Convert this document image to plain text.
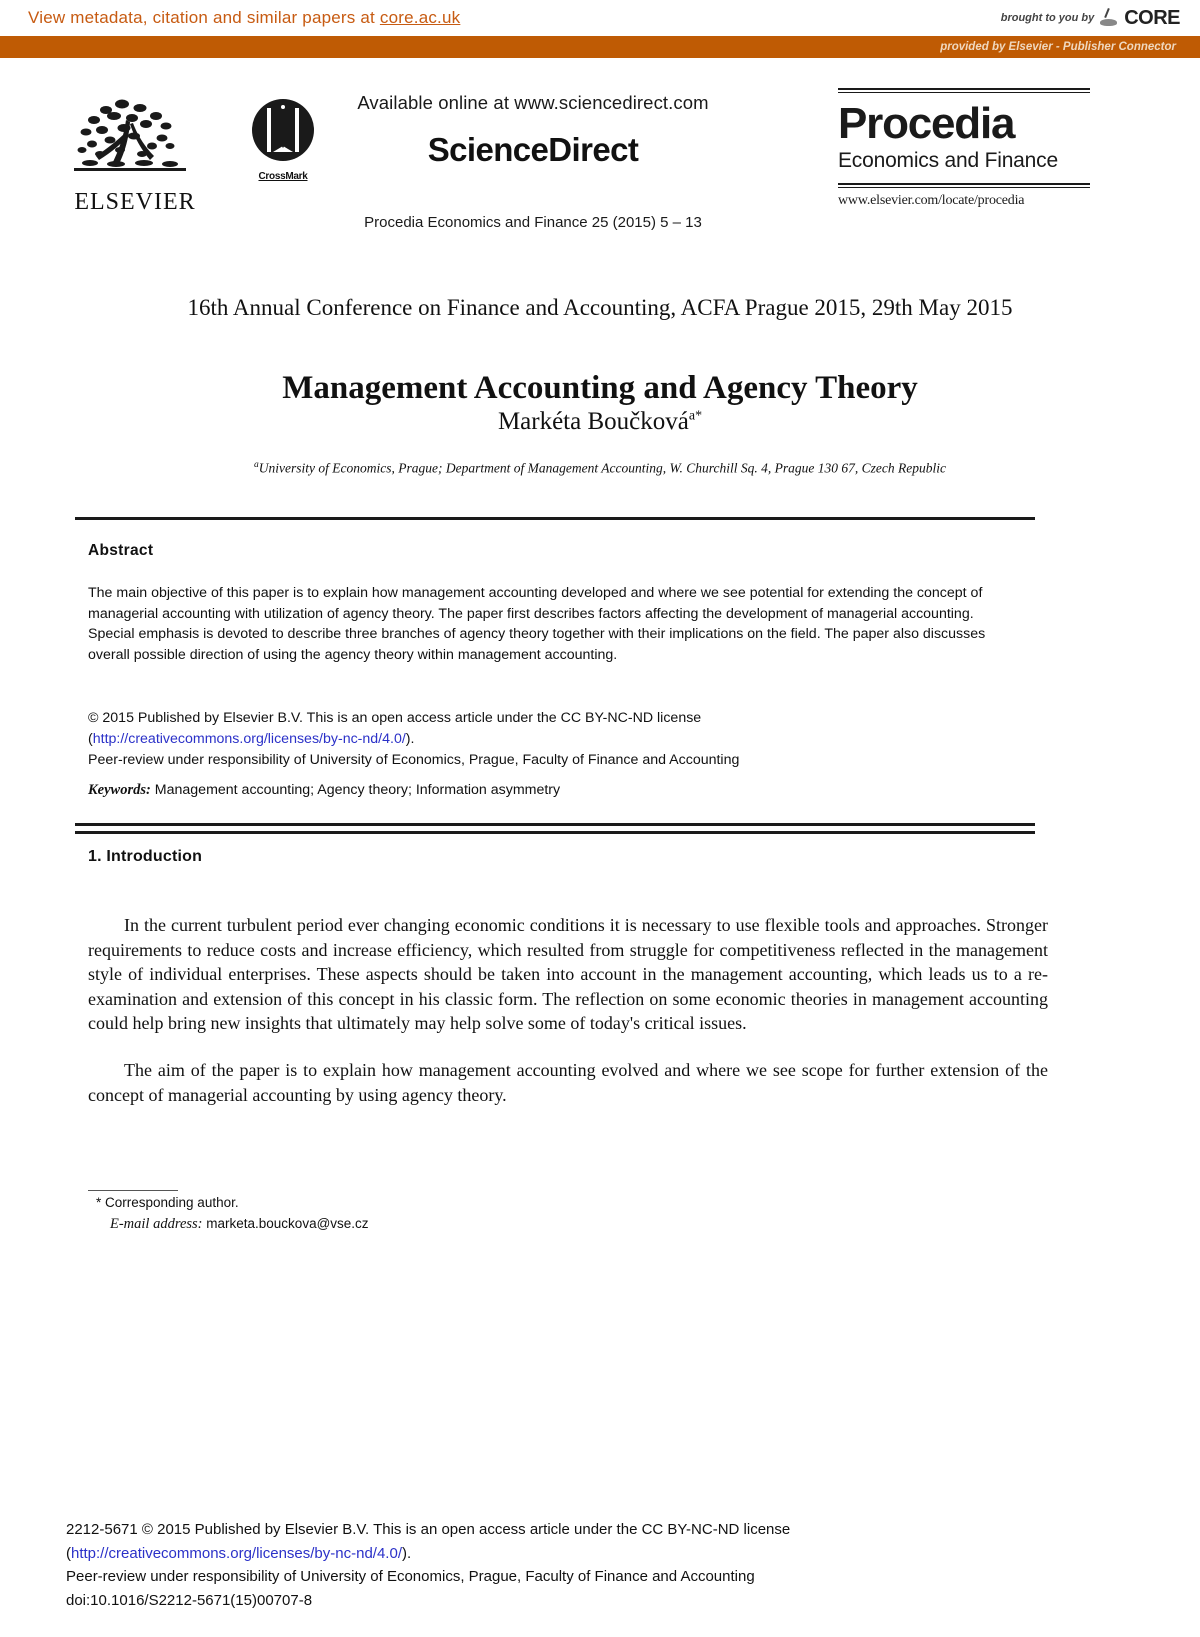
View metadata, citation and similar papers at core.ac.uk	brought to you by CORE
provided by Elsevier - Publisher Connector
ELSEVIER
CrossMark
Available online at www.sciencedirect.com
ScienceDirect
Procedia Economics and Finance 25 (2015) 5 – 13
Procedia
Economics and Finance
www.elsevier.com/locate/procedia
16th Annual Conference on Finance and Accounting, ACFA Prague 2015, 29th May 2015
Management Accounting and Agency Theory
Markéta Boučková$^{a*}$
$^a$University of Economics, Prague; Department of Management Accounting, W. Churchill Sq. 4, Prague 130 67, Czech Republic
Abstract
The main objective of this paper is to explain how management accounting developed and where we see potential for extending the concept of managerial accounting with utilization of agency theory. The paper first describes factors affecting the development of managerial accounting. Special emphasis is devoted to describe three branches of agency theory together with their implications on the field. The paper also discusses overall possible direction of using the agency theory within management accounting.
© 2015 Published by Elsevier B.V. This is an open access article under the CC BY-NC-ND license
(http://creativecommons.org/licenses/by-nc-nd/4.0/).
Peer-review under responsibility of University of Economics, Prague, Faculty of Finance and Accounting
Keywords: Management accounting; Agency theory; Information asymmetry
1. Introduction

In the current turbulent period ever changing economic conditions it is necessary to use flexible tools and approaches. Stronger requirements to reduce costs and increase efficiency, which resulted from struggle for competitiveness reflected in the management style of individual enterprises. These aspects should be taken into account in the management accounting, which leads us to a re-examination and extension of this concept in his classic form. The reflection on some economic theories in management accounting could help bring new insights that ultimately may help solve some of today's critical issues.

The aim of the paper is to explain how management accounting evolved and where we see scope for further extension of the concept of managerial accounting by using agency theory.

* Corresponding author.
E-mail address: marketa.bouckova@vse.cz
2212-5671 © 2015 Published by Elsevier B.V. This is an open access article under the CC BY-NC-ND license
(http://creativecommons.org/licenses/by-nc-nd/4.0/).
Peer-review under responsibility of University of Economics, Prague, Faculty of Finance and Accounting
doi:10.1016/S2212-5671(15)00707-8
